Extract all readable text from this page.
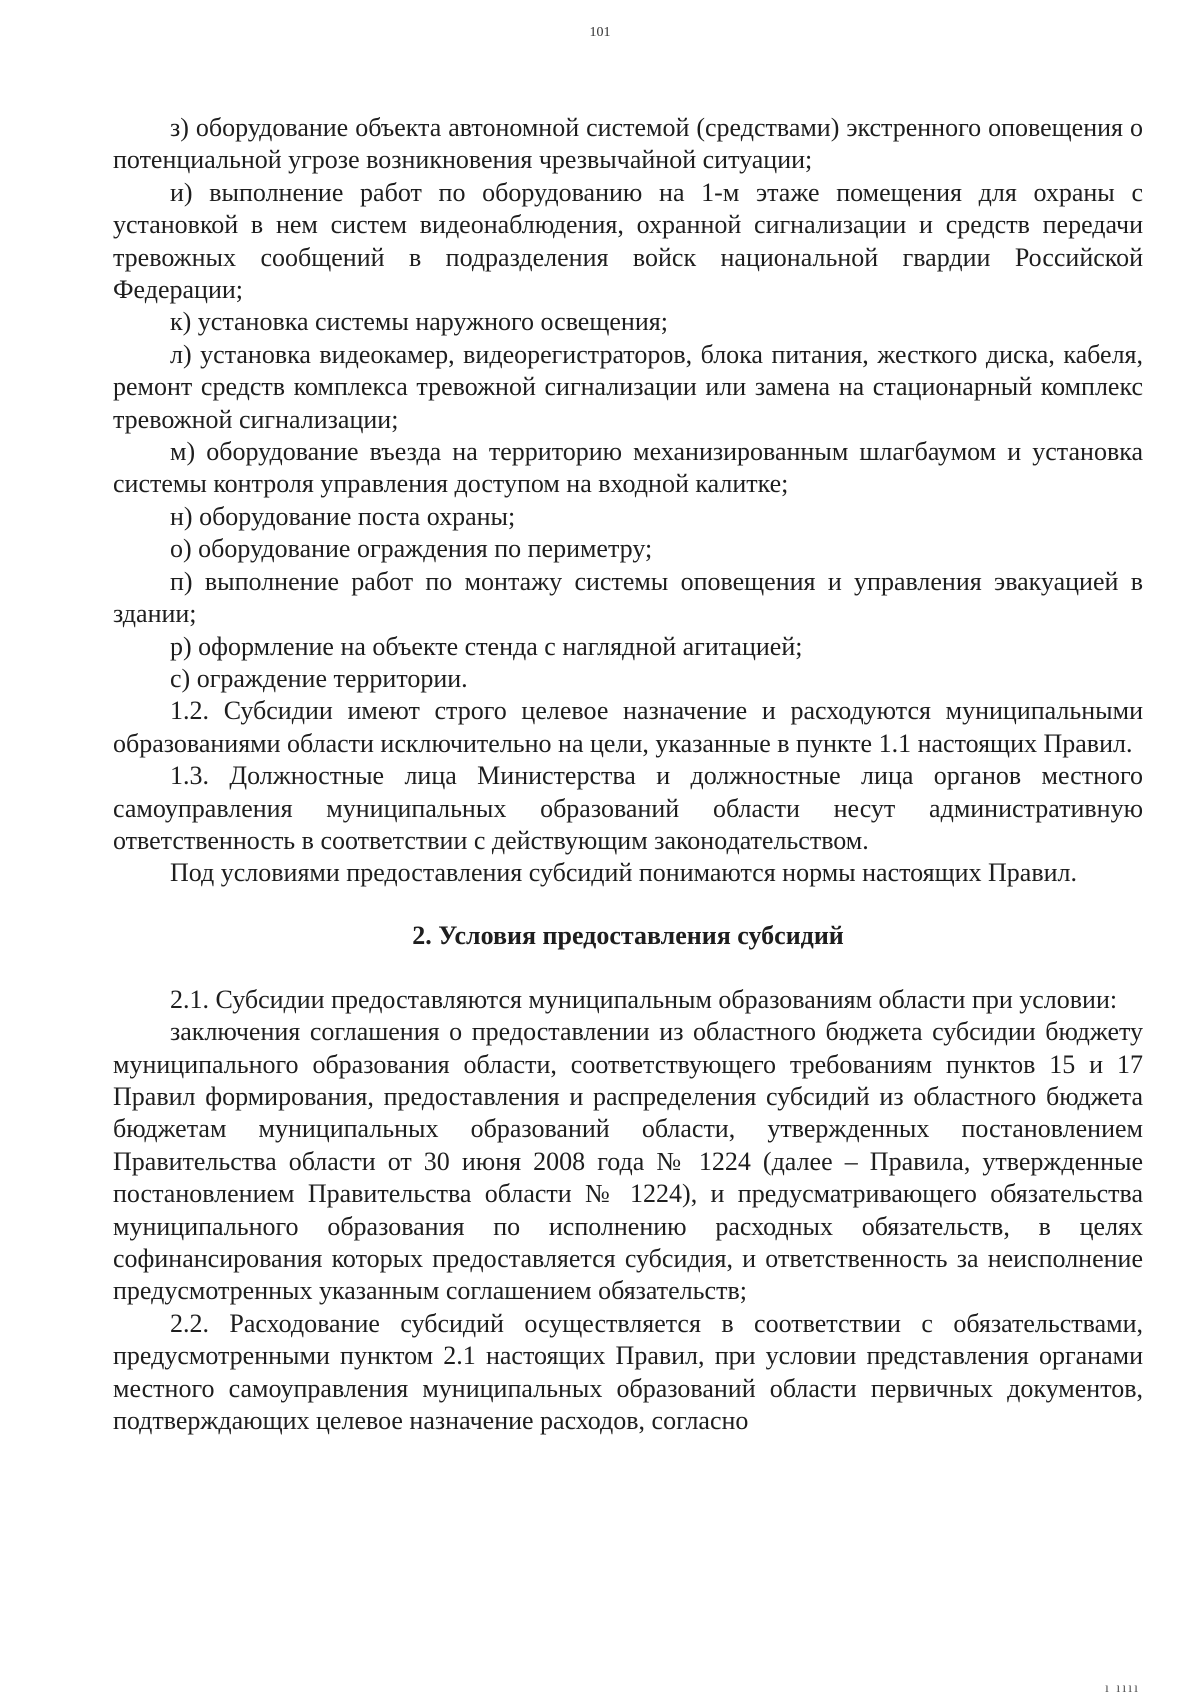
101

з) оборудование объекта автономной системой (средствами) экстренного оповещения о потенциальной угрозе возникновения чрезвычайной ситуации;

и) выполнение работ по оборудованию на 1-м этаже помещения для охраны с установкой в нем систем видеонаблюдения, охранной сигнализации и средств передачи тревожных сообщений в подразделения войск национальной гвардии Российской Федерации;

к) установка системы наружного освещения;

л) установка видеокамер, видеорегистраторов, блока питания, жесткого диска, кабеля, ремонт средств комплекса тревожной сигнализации или замена на стационарный комплекс тревожной сигнализации;

м) оборудование въезда на территорию механизированным шлагбаумом и установка системы контроля управления доступом на входной калитке;

н) оборудование поста охраны;

о) оборудование ограждения по периметру;

п) выполнение работ по монтажу системы оповещения и управления эвакуацией в здании;

р) оформление на объекте стенда с наглядной агитацией;

с) ограждение территории.

1.2. Субсидии имеют строго целевое назначение и расходуются муниципальными образованиями области исключительно на цели, указанные в пункте 1.1 настоящих Правил.

1.3. Должностные лица Министерства и должностные лица органов местного самоуправления муниципальных образований области несут административную ответственность в соответствии с действующим законодательством.

Под условиями предоставления субсидий понимаются нормы настоящих Правил.

2. Условия предоставления субсидий

2.1. Субсидии предоставляются муниципальным образованиям области при условии:

заключения соглашения о предоставлении из областного бюджета субсидии бюджету муниципального образования области, соответствующего требованиям пунктов 15 и 17 Правил формирования, предоставления и распределения субсидий из областного бюджета бюджетам муниципальных образований области, утвержденных постановлением Правительства области от 30 июня 2008 года № 1224 (далее – Правила, утвержденные постановлением Правительства области № 1224), и предусматривающего обязательства муниципального образования по исполнению расходных обязательств, в целях софинансирования которых предоставляется субсидия, и ответственность за неисполнение предусмотренных указанным соглашением обязательств;

2.2. Расходование субсидий осуществляется в соответствии с обязательствами, предусмотренными пунктом 2.1 настоящих Правил, при условии представления органами местного самоуправления муниципальных образований области первичных документов, подтверждающих целевое назначение расходов, согласно

ı ıııı
